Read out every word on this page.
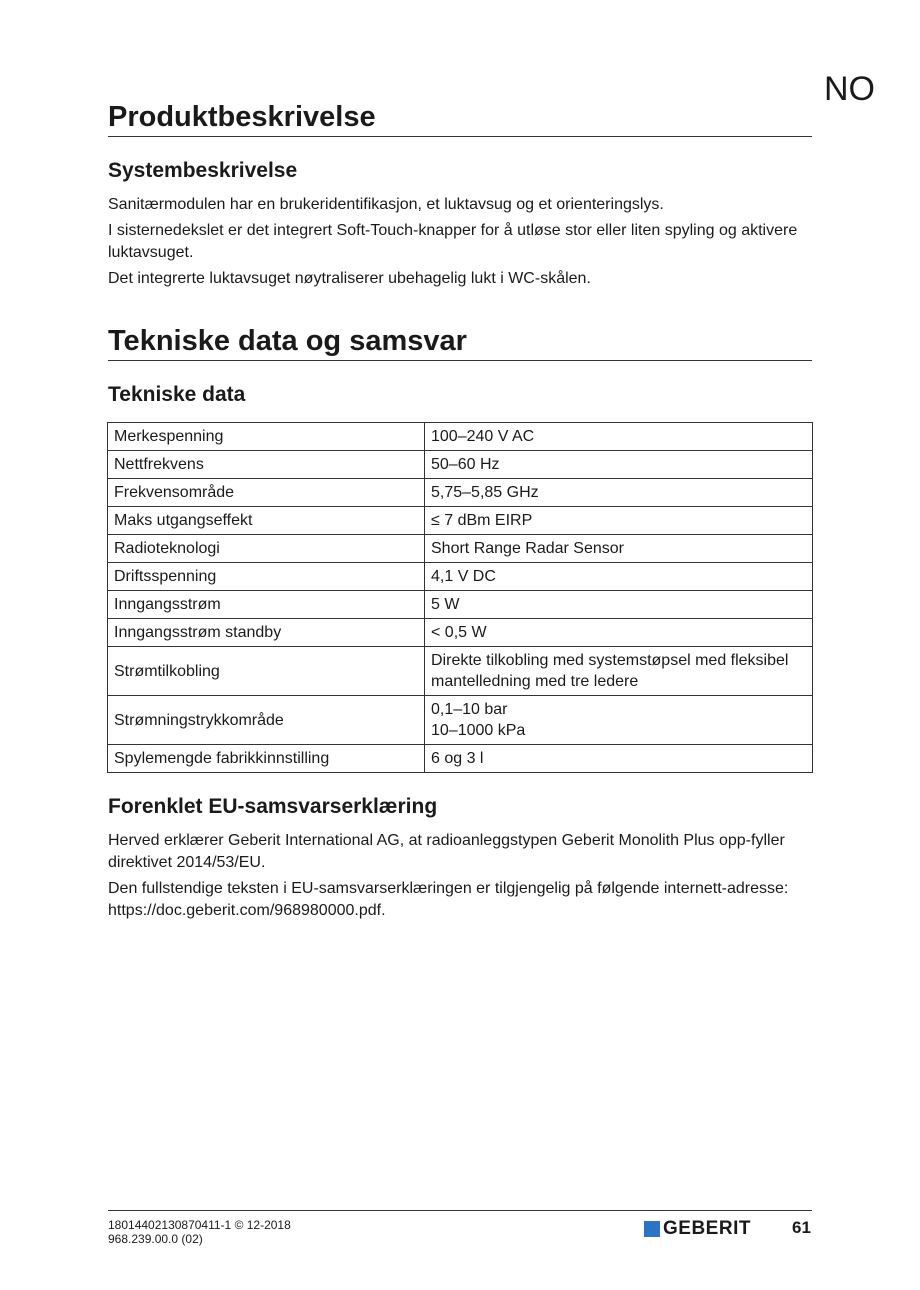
NO
Produktbeskrivelse
Systembeskrivelse

Sanitærmodulen har en brukeridentifikasjon, et luktavsug og et orienteringslys.

I sisternedekslet er det integrert Soft-Touch-knapper for å utløse stor eller liten spyling og aktivere luktavsuget.

Det integrerte luktavsuget nøytraliserer ubehagelig lukt i WC-skålen.

Tekniske data og samsvar
Tekniske data
Merkespenning	100–240 V AC
Nettfrekvens	50–60 Hz
Frekvensområde	5,75–5,85 GHz
Maks utgangseffekt	≤ 7 dBm EIRP
Radioteknologi	Short Range Radar Sensor
Driftsspenning	4,1 V DC
Inngangsstrøm	5 W
Inngangsstrøm standby	< 0,5 W
Strømtilkobling	Direkte tilkobling med systemstøpsel med fleksibel
mantelledning med tre ledere
Strømningstrykkområde	0,1–10 bar
10–1000 kPa
Spylemengde fabrikkinnstilling	6 og 3 l
Forenklet EU-samsvarserklæring

Herved erklærer Geberit International AG, at radioanleggstypen Geberit Monolith Plus opp-fyller direktivet 2014/53/EU.

Den fullstendige teksten i EU-samsvarserklæringen er tilgjengelig på følgende internett-adresse: https://doc.geberit.com/968980000.pdf.

18014402130870411-1 © 12-2018
968.239.00.0 (02)	GEBERIT 61
